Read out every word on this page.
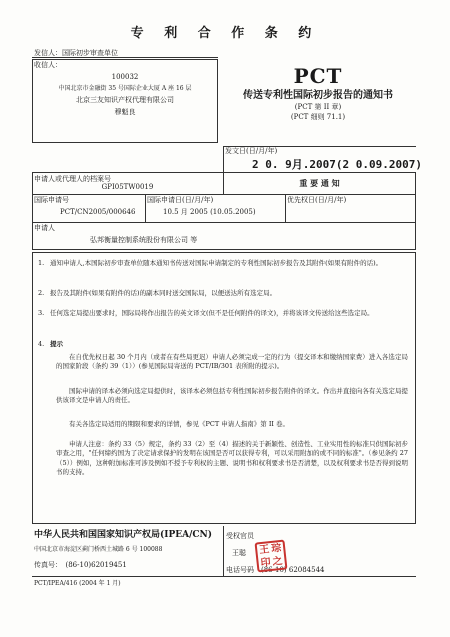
专 利 合 作 条 约
发信人：国际初步审查单位
收信人：
100032
中国北京市金融街 35 号国际企业大厦 A 座 16 层
北京三友知识产权代理有限公司
穆魁良
PCT
传送专利性国际初步报告的通知书
(PCT 第 II 章)
(PCT 细则 71.1)
发文日(日/月/年)
2 0. 9月.2007(2 0.09.2007)
申请人或代理人的档案号
GPI05TW0019	重 要 通 知
国际申请号
PCT/CN2005/000646
国际申请日(日/月/年)
10.5 月 2005 (10.05.2005)
优先权日(日/月/年)
申请人
弘邦衡量控制系统股份有限公司 等
1. 通知申请人,本国际初步审查单位随本通知书传送对国际申请制定的专利性国际初步报告及其附件(如果有附件的话)。
2. 报告及其附件(如果有附件的话)的副本同时送交国际局，以便送达所有选定局。
3. 任何选定局提出要求时，国际局将作出报告的英文译文(但不是任何附件的译文)，并将该译文传送给这些选定局。
4. 提示
在自优先权日起 30 个月内（或者在有些局更迟）申请人必须完成一定的行为（提交译本和缴纳国家费）进入各选定局的国家阶段（条约 39（1））(参见国际局寄送的 PCT/IB/301 表所附的提示)。
国际申请的译本必须向选定局提供时，该译本必须包括专利性国际初步报告附件的译文。作出并直接向各有关选定局提供该译文是申请人的责任。
有关各选定局适用的期限和要求的详情，参见《PCT 申请人指南》第 II 卷。
申请人注意：条约 33（5）规定，条约 33（2）至（4）描述的关于新颖性、创造性、工业实用性的标准只供国际初步审查之用，"任何缔约国为了决定请求保护的发明在该国是否可以获得专利，可以采用附加的或不同的标准"。（参见条约 27（5））例如，这种附加标准可涉及例如不授予专利权的主题、说明书和权利要求书是否清楚，以及权利要求书是否得到说明书的支持。
中华人民共和国国家知识产权局(IPEA/CN)
中国北京市海淀区蓟门桥西土城路 6 号 100088
传真号：　(86-10)62019451
受权官员
王聪
电话号码　(86-10) 62084544
王 琮
印 之
PCT/IPEA/416 (2004 年 1 月)
